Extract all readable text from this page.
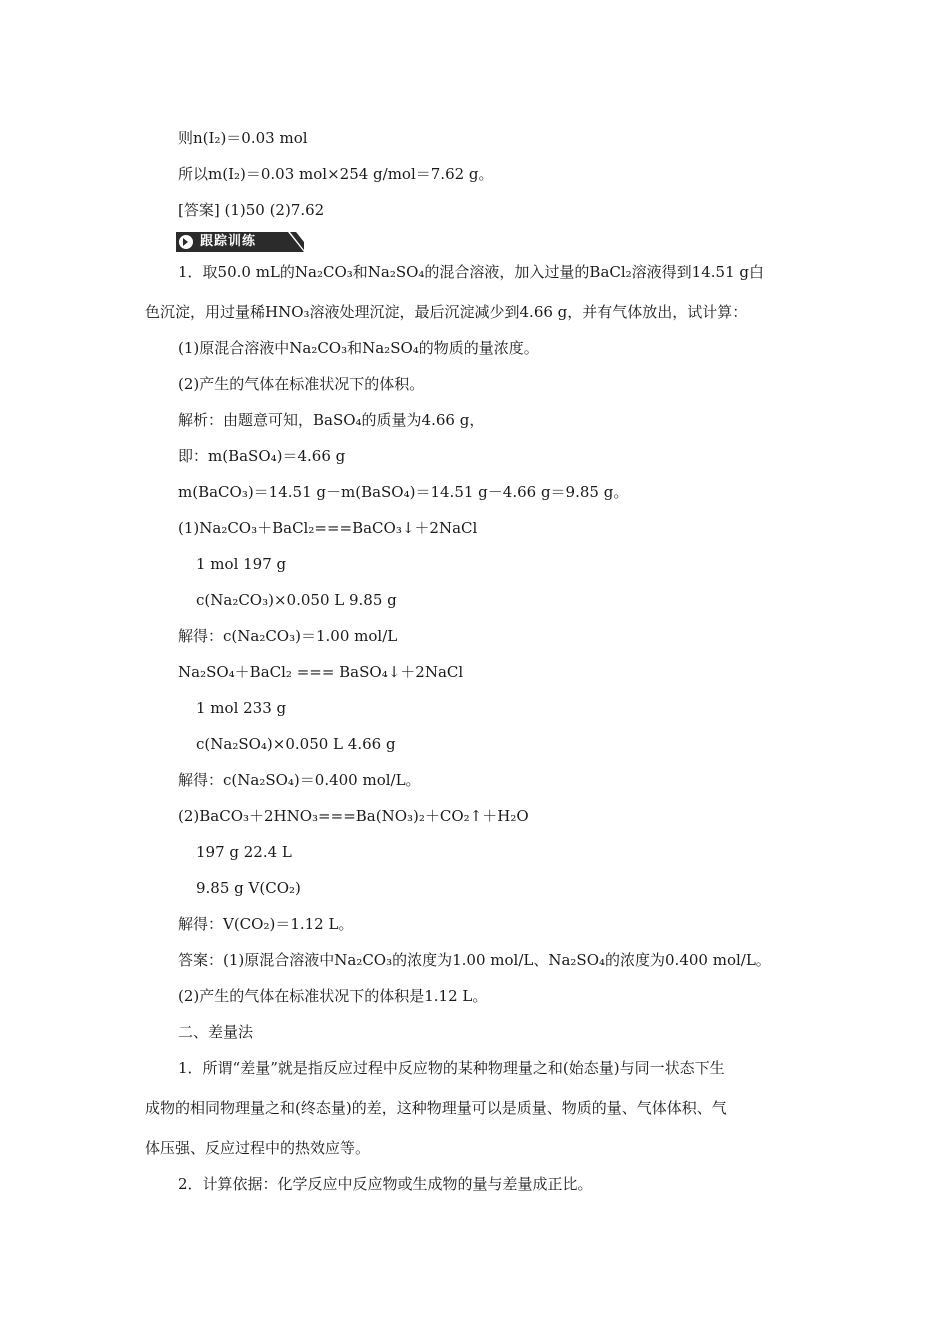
则n(I₂)＝0.03 mol
所以m(I₂)＝0.03 mol×254 g/mol＝7.62 g。
[答案] (1)50 (2)7.62
跟踪训练
1．取50.0 mL的Na₂CO₃和Na₂SO₄的混合溶液，加入过量的BaCl₂溶液得到14.51 g白
色沉淀，用过量稀HNO₃溶液处理沉淀，最后沉淀减少到4.66 g，并有气体放出，试计算：
(1)原混合溶液中Na₂CO₃和Na₂SO₄的物质的量浓度。
(2)产生的气体在标准状况下的体积。
解析：由题意可知，BaSO₄的质量为4.66 g，
即：m(BaSO₄)＝4.66 g
m(BaCO₃)＝14.51 g－m(BaSO₄)＝14.51 g－4.66 g＝9.85 g。
(1)Na₂CO₃＋BaCl₂===BaCO₃↓＋2NaCl
1 mol 197 g
c(Na₂CO₃)×0.050 L 9.85 g
解得：c(Na₂CO₃)＝1.00 mol/L
Na₂SO₄＋BaCl₂ === BaSO₄↓＋2NaCl
1 mol 233 g
c(Na₂SO₄)×0.050 L 4.66 g
解得：c(Na₂SO₄)＝0.400 mol/L。
(2)BaCO₃＋2HNO₃===Ba(NO₃)₂＋CO₂↑＋H₂O
197 g 22.4 L
9.85 g V(CO₂)
解得：V(CO₂)＝1.12 L。
答案：(1)原混合溶液中Na₂CO₃的浓度为1.00 mol/L、Na₂SO₄的浓度为0.400 mol/L。
(2)产生的气体在标准状况下的体积是1.12 L。
二、差量法
1．所谓“差量”就是指反应过程中反应物的某种物理量之和(始态量)与同一状态下生
成物的相同物理量之和(终态量)的差，这种物理量可以是质量、物质的量、气体体积、气
体压强、反应过程中的热效应等。
2．计算依据：化学反应中反应物或生成物的量与差量成正比。
